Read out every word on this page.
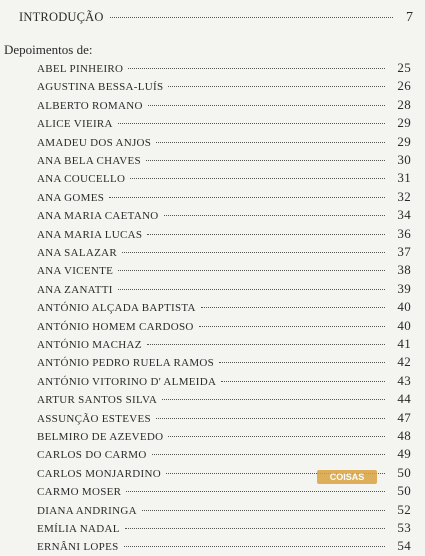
INTRODUÇÃO	7
Depoimentos de:
ABEL PINHEIRO	25
AGUSTINA BESSA-LUÍS	26
ALBERTO ROMANO	28
ALICE VIEIRA	29
AMADEU DOS ANJOS	29
ANA BELA CHAVES	30
ANA COUCELLO	31
ANA GOMES	32
ANA MARIA CAETANO	34
ANA MARIA LUCAS	36
ANA SALAZAR	37
ANA VICENTE	38
ANA ZANATTI	39
ANTÓNIO ALÇADA BAPTISTA	40
ANTÓNIO HOMEM CARDOSO	40
ANTÓNIO MACHAZ	41
ANTÓNIO PEDRO RUELA RAMOS	42
ANTÓNIO VITORINO D' ALMEIDA	43
ARTUR SANTOS SILVA	44
ASSUNÇÃO ESTEVES	47
BELMIRO DE AZEVEDO	48
CARLOS DO CARMO	49
CARLOS MONJARDINO	50
CARMO MOSER	50
DIANA ANDRINGA	52
EMÍLIA NADAL	53
ERNÂNI LOPES	54
COISAS
